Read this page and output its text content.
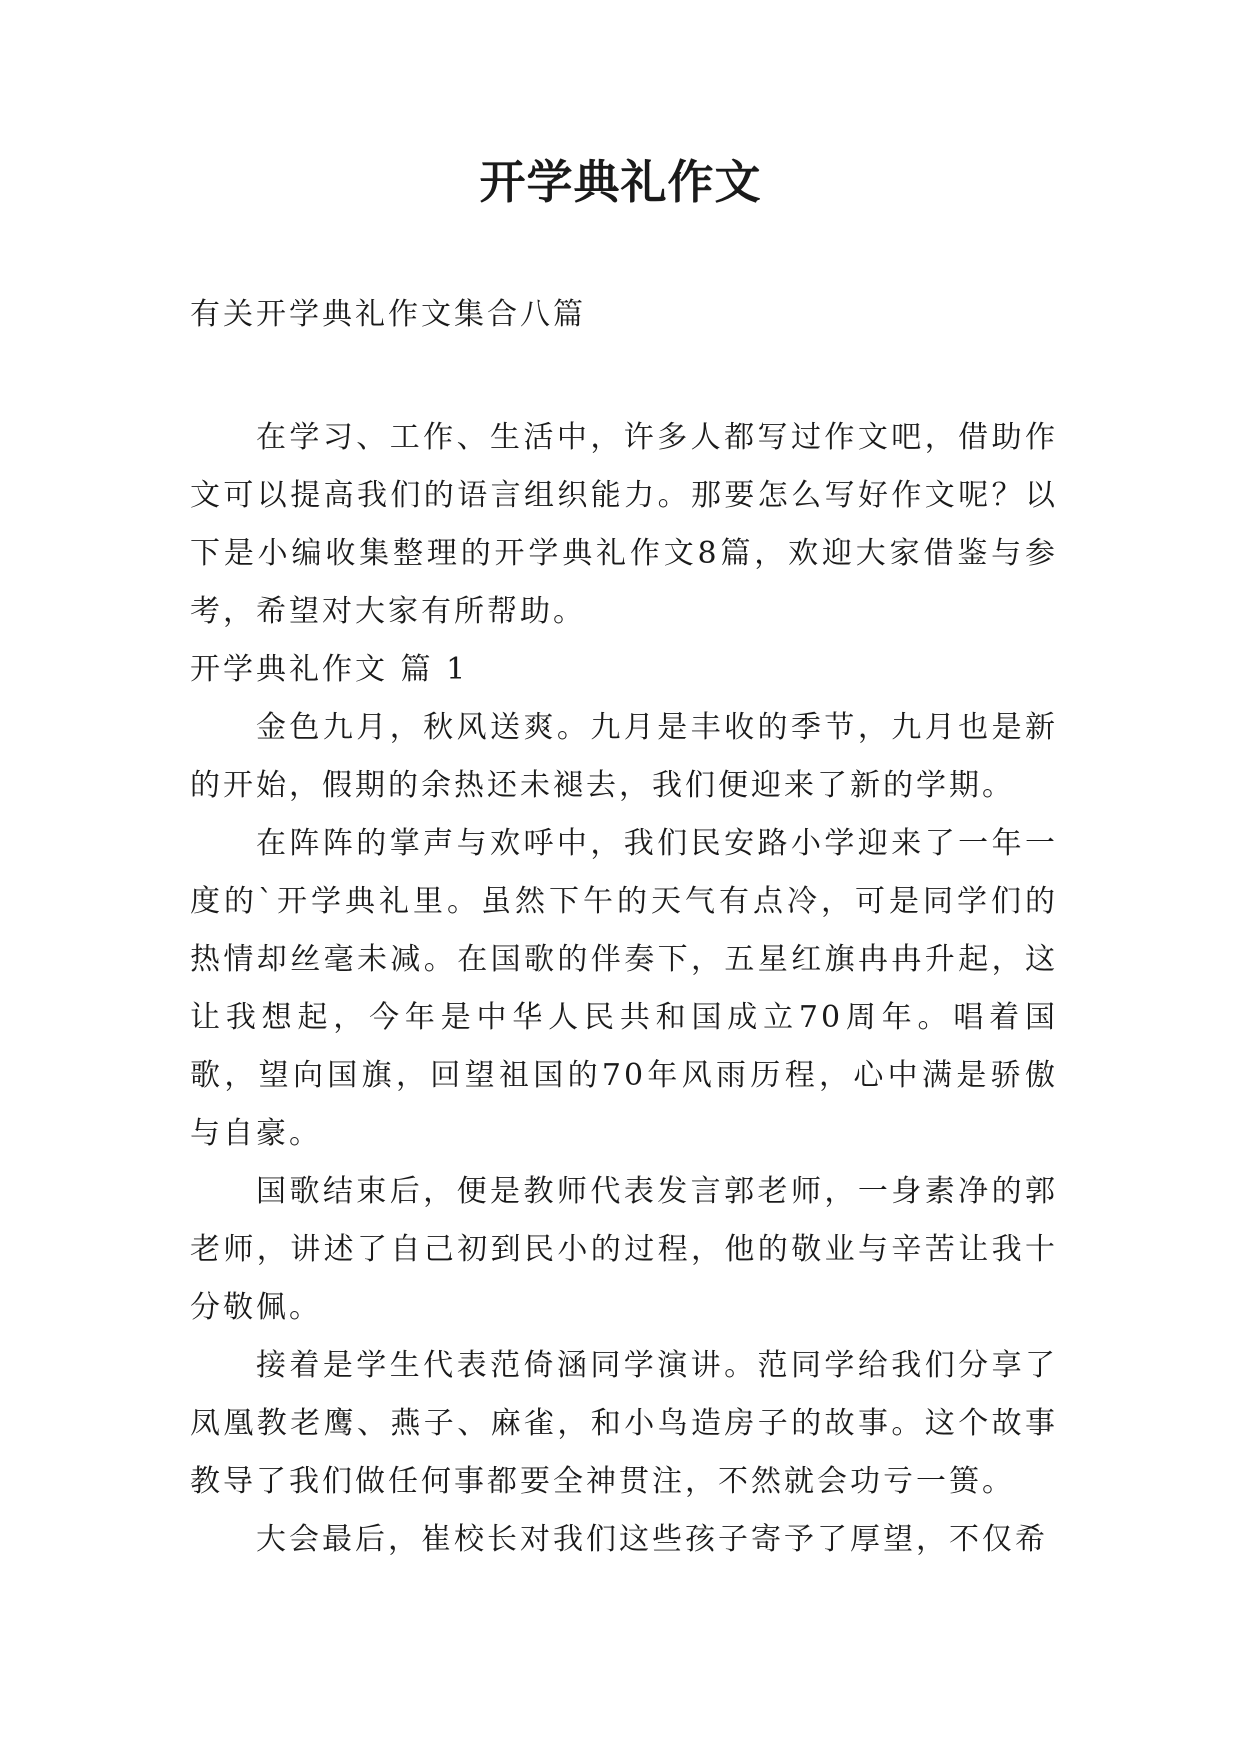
开学典礼作文
有关开学典礼作文集合八篇

在学习、工作、生活中，许多人都写过作文吧，借助作文可以提高我们的语言组织能力。那要怎么写好作文呢？以下是小编收集整理的开学典礼作文8篇，欢迎大家借鉴与参考，希望对大家有所帮助。

开学典礼作文 篇 1

金色九月，秋风送爽。九月是丰收的季节，九月也是新的开始，假期的余热还未褪去，我们便迎来了新的学期。

在阵阵的掌声与欢呼中，我们民安路小学迎来了一年一度的`开学典礼里。虽然下午的天气有点冷，可是同学们的热情却丝毫未减。在国歌的伴奏下，五星红旗冉冉升起，这让我想起，今年是中华人民共和国成立70周年。唱着国歌，望向国旗，回望祖国的70年风雨历程，心中满是骄傲与自豪。

国歌结束后，便是教师代表发言郭老师，一身素净的郭老师，讲述了自己初到民小的过程，他的敬业与辛苦让我十分敬佩。

接着是学生代表范倚涵同学演讲。范同学给我们分享了凤凰教老鹰、燕子、麻雀，和小鸟造房子的故事。这个故事教导了我们做任何事都要全神贯注，不然就会功亏一篑。

大会最后，崔校长对我们这些孩子寄予了厚望，不仅希
